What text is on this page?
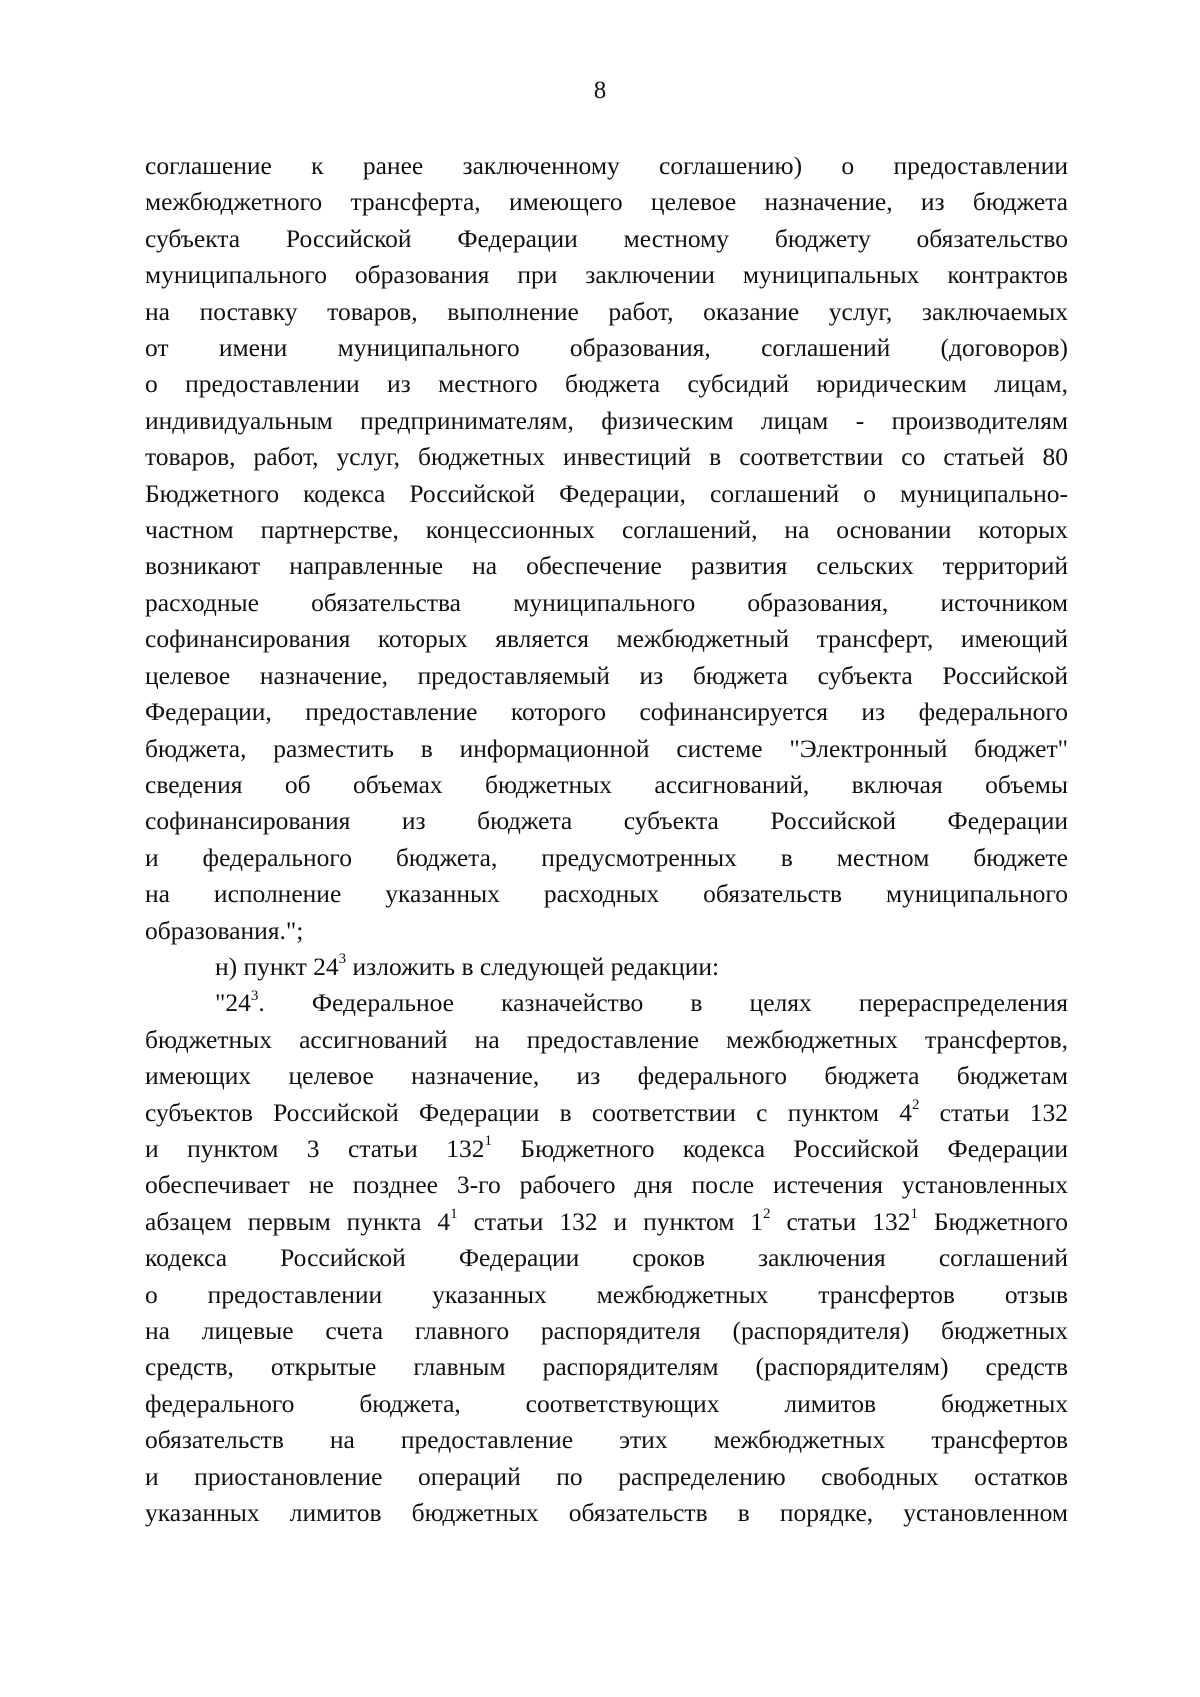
8

соглашение к ранее заключенному соглашению) о предоставлении
межбюджетного трансферта, имеющего целевое назначение, из бюджета
субъекта Российской Федерации местному бюджету обязательство
муниципального образования при заключении муниципальных контрактов
на поставку товаров, выполнение работ, оказание услуг, заключаемых
от имени муниципального образования, соглашений (договоров)
о предоставлении из местного бюджета субсидий юридическим лицам,
индивидуальным предпринимателям, физическим лицам - производителям
товаров, работ, услуг, бюджетных инвестиций в соответствии со статьей 80
Бюджетного кодекса Российской Федерации, соглашений о муниципально-
частном партнерстве, концессионных соглашений, на основании которых
возникают направленные на обеспечение развития сельских территорий
расходные обязательства муниципального образования, источником
софинансирования которых является межбюджетный трансферт, имеющий
целевое назначение, предоставляемый из бюджета субъекта Российской
Федерации, предоставление которого софинансируется из федерального
бюджета, разместить в информационной системе "Электронный бюджет"
сведения об объемах бюджетных ассигнований, включая объемы
софинансирования из бюджета субъекта Российской Федерации
и федерального бюджета, предусмотренных в местном бюджете
на исполнение указанных расходных обязательств муниципального
образования.";

н) пункт $24^3$ изложить в следующей редакции:

"$24^3$. Федеральное казначейство в целях перераспределения
бюджетных ассигнований на предоставление межбюджетных трансфертов,
имеющих целевое назначение, из федерального бюджета бюджетам
субъектов Российской Федерации в соответствии с пунктом $4^2$ статьи 132
и пунктом 3 статьи $132^1$ Бюджетного кодекса Российской Федерации
обеспечивает не позднее 3-го рабочего дня после истечения установленных
абзацем первым пункта $4^1$ статьи 132 и пунктом $1^2$ статьи $132^1$ Бюджетного
кодекса Российской Федерации сроков заключения соглашений
о предоставлении указанных межбюджетных трансфертов отзыв
на лицевые счета главного распорядителя (распорядителя) бюджетных
средств, открытые главным распорядителям (распорядителям) средств
федерального бюджета, соответствующих лимитов бюджетных
обязательств на предоставление этих межбюджетных трансфертов
и приостановление операций по распределению свободных остатков
указанных лимитов бюджетных обязательств в порядке, установленном
